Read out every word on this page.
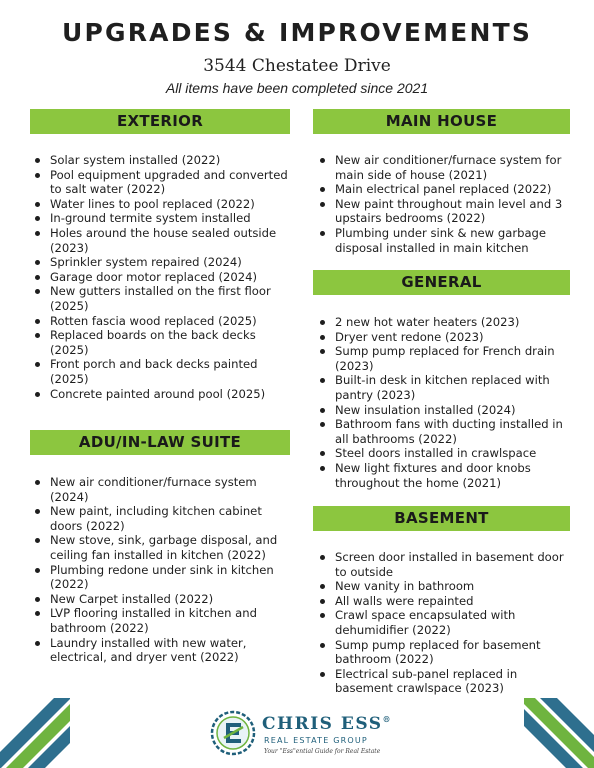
UPGRADES & IMPROVEMENTS
3544 Chestatee Drive
All items have been completed since 2021
EXTERIOR
Solar system installed (2022)
Pool equipment upgraded and converted to salt water (2022)
Water lines to pool replaced (2022)
In-ground termite system installed
Holes around the house sealed outside (2023)
Sprinkler system repaired (2024)
Garage door motor replaced (2024)
New gutters installed on the first floor (2025)
Rotten fascia wood replaced (2025)
Replaced boards on the back decks (2025)
Front porch and back decks painted (2025)
Concrete painted around pool (2025)
ADU/IN-LAW SUITE
New air conditioner/furnace system (2024)
New paint, including kitchen cabinet doors (2022)
New stove, sink, garbage disposal, and ceiling fan installed in kitchen (2022)
Plumbing redone under sink in kitchen (2022)
New Carpet installed (2022)
LVP flooring installed in kitchen and bathroom (2022)
Laundry installed with new water, electrical, and dryer vent (2022)
MAIN HOUSE
New air conditioner/furnace system for main side of house (2021)
Main electrical panel replaced (2022)
New paint throughout main level and 3 upstairs bedrooms (2022)
Plumbing under sink & new garbage disposal installed in main kitchen
GENERAL
2 new hot water heaters (2023)
Dryer vent redone (2023)
Sump pump replaced for French drain (2023)
Built-in desk in kitchen replaced with pantry (2023)
New insulation installed (2024)
Bathroom fans with ducting installed in all bathrooms (2022)
Steel doors installed in crawlspace
New light fixtures and door knobs throughout the home (2021)
BASEMENT
Screen door installed in basement door to outside
New vanity in bathroom
All walls were repainted
Crawl space encapsulated with dehumidifier (2022)
Sump pump replaced for basement bathroom (2022)
Electrical sub-panel replaced in basement crawlspace (2023)
CHRIS ESS®
REAL ESTATE GROUP
Your "Ess"ential Guide for Real Estate
